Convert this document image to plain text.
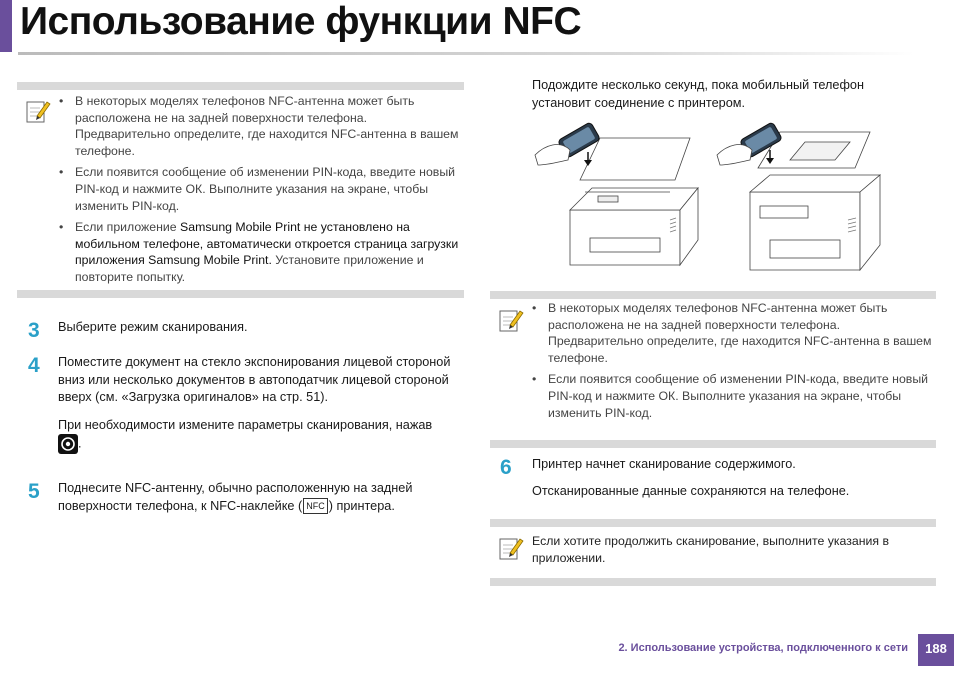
Использование функции NFC
• В некоторых моделях телефонов NFC-антенна может быть расположена не на задней поверхности телефона. Предварительно определите, где находится NFC-антенна в вашем телефоне.
• Если появится сообщение об изменении PIN-кода, введите новый PIN-код и нажмите ОК. Выполните указания на экране, чтобы изменить PIN-код.
• Если приложение Samsung Mobile Print не установлено на мобильном телефоне, автоматически откроется страница загрузки приложения Samsung Mobile Print. Установите приложение и повторите попытку.
3 Выберите режим сканирования.
4 Поместите документ на стекло экспонирования лицевой стороной вниз или несколько документов в автоподатчик лицевой стороной вверх (см. «Загрузка оригиналов» на стр. 51).

При необходимости измените параметры сканирования, нажав
.

5 Поднесите NFC-антенну, обычно расположенную на задней поверхности телефона, к NFC-наклейке ( NFC ) принтера.
Подождите несколько секунд, пока мобильный телефон установит соединение с принтером.
• В некоторых моделях телефонов NFC-антенна может быть расположена не на задней поверхности телефона. Предварительно определите, где находится NFC-антенна в вашем телефоне.
• Если появится сообщение об изменении PIN-кода, введите новый PIN-код и нажмите ОК. Выполните указания на экране, чтобы изменить PIN-код.
6 Принтер начнет сканирование содержимого.

Отсканированные данные сохраняются на телефоне.

Если хотите продолжить сканирование, выполните указания в приложении.
2. Использование устройства, подключенного к сети	188
